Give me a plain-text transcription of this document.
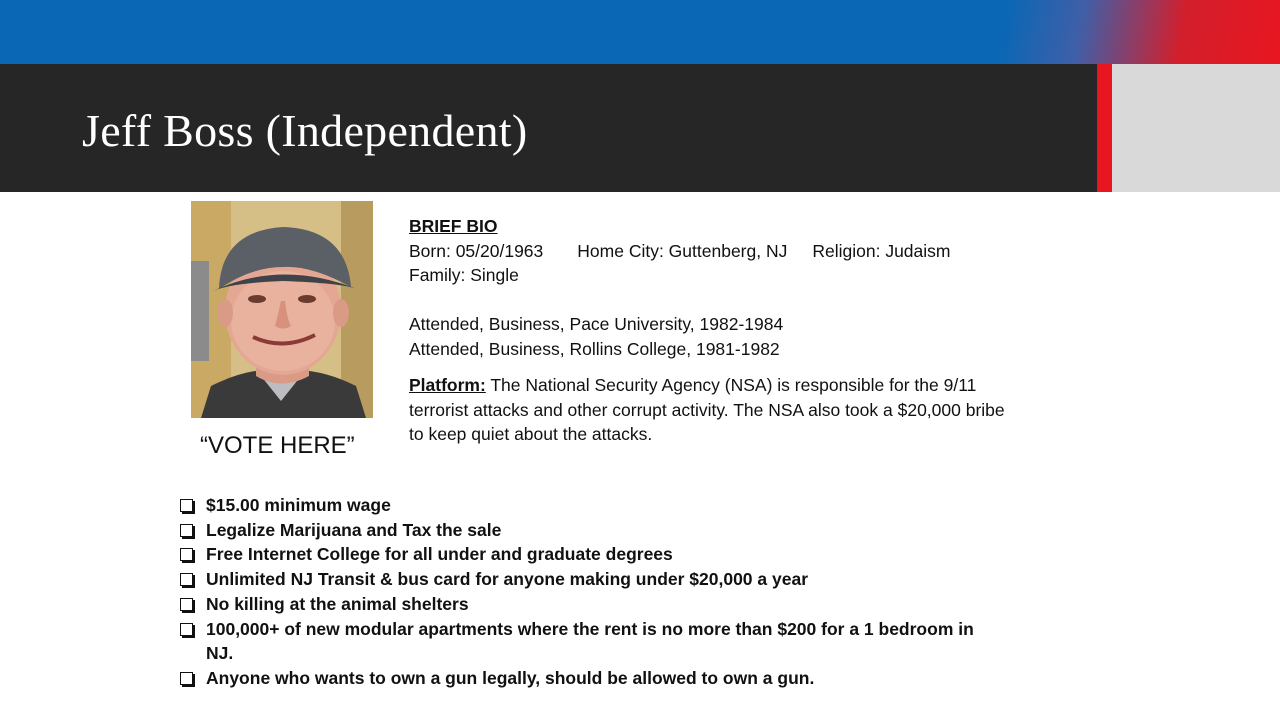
Jeff Boss (Independent)
“VOTE HERE”
BRIEF BIO
Born: 05/20/1963 Home City: Guttenberg, NJ Religion: Judaism
Family: Single
Attended, Business, Pace University, 1982-1984
Attended, Business, Rollins College, 1981-1982
Platform: The National Security Agency (NSA) is responsible for the 9/11
terrorist attacks and other corrupt activity. The NSA also took a $20,000 bribe
to keep quiet about the attacks.
$15.00 minimum wage
Legalize Marijuana and Tax the sale
Free Internet College for all under and graduate degrees
Unlimited NJ Transit & bus card for anyone making under $20,000 a year
No killing at the animal shelters
100,000+ of new modular apartments where the rent is no more than $200 for a 1 bedroom in NJ.
Anyone who wants to own a gun legally, should be allowed to own a gun.
